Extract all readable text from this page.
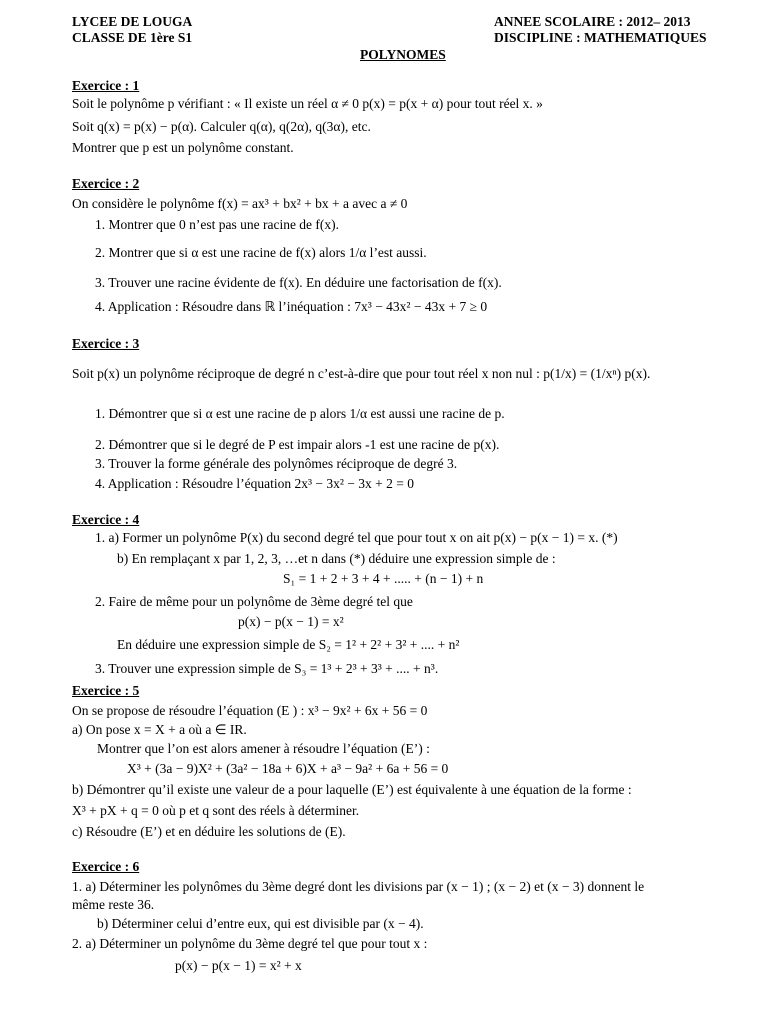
LYCEE DE LOUGA
CLASSE DE 1ère S1
ANNEE SCOLAIRE : 2012– 2013
DISCIPLINE : MATHEMATIQUES
POLYNOMES
Exercice : 1
Soit le polynôme p vérifiant : « Il existe un réel α ≠ 0 p(x) = p(x + α) pour tout réel x. »
Soit q(x) = p(x) − p(α). Calculer q(α), q(2α), q(3α), etc.
Montrer que p est un polynôme constant.
Exercice : 2
On considère le polynôme f(x) = ax³ + bx² + bx + a avec a ≠ 0
1. Montrer que 0 n’est pas une racine de f(x).
2. Montrer que si α est une racine de f(x) alors 1/α l’est aussi.
3. Trouver une racine évidente de f(x). En déduire une factorisation de f(x).
4. Application : Résoudre dans ℝ l’inéquation : 7x³ − 43x² − 43x + 7 ≥ 0
Exercice : 3
Soit p(x) un polynôme réciproque de degré n c’est-à-dire que pour tout réel x non nul : p(1/x) = (1/xⁿ) p(x).
1. Démontrer que si α est une racine de p alors 1/α est aussi une racine de p.
2. Démontrer que si le degré de P est impair alors -1 est une racine de p(x).
3. Trouver la forme générale des polynômes réciproque de degré 3.
4. Application : Résoudre l’équation 2x³ − 3x² − 3x + 2 = 0
Exercice : 4
1. a) Former un polynôme P(x) du second degré tel que pour tout x on ait p(x) − p(x − 1) = x. (*)
b) En remplaçant x par 1, 2, 3, …et n dans (*) déduire une expression simple de :
S₁ = 1 + 2 + 3 + 4 + ..... + (n − 1) + n
2. Faire de même pour un polynôme de 3ème degré tel que
p(x) − p(x − 1) = x²
En déduire une expression simple de S₂ = 1² + 2² + 3² + .... + n²
3. Trouver une expression simple de S₃ = 1³ + 2³ + 3³ + .... + n³.
Exercice : 5
On se propose de résoudre l’équation (E ) : x³ − 9x² + 6x + 56 = 0
a) On pose x = X + a où a ∈ IR.
Montrer que l’on est alors amener à résoudre l’équation (E’) :
X³ + (3a − 9)X² + (3a² − 18a + 6)X + a³ − 9a² + 6a + 56 = 0
b) Démontrer qu’il existe une valeur de a pour laquelle (E’) est équivalente à une équation de la forme :
X³ + pX + q = 0 où p et q sont des réels à déterminer.
c) Résoudre (E’) et en déduire les solutions de (E).
Exercice : 6
1. a) Déterminer les polynômes du 3ème degré dont les divisions par (x − 1) ; (x − 2) et (x − 3) donnent le
même reste 36.
b) Déterminer celui d’entre eux, qui est divisible par (x − 4).
2. a) Déterminer un polynôme du 3ème degré tel que pour tout x :
p(x) − p(x − 1) = x² + x
